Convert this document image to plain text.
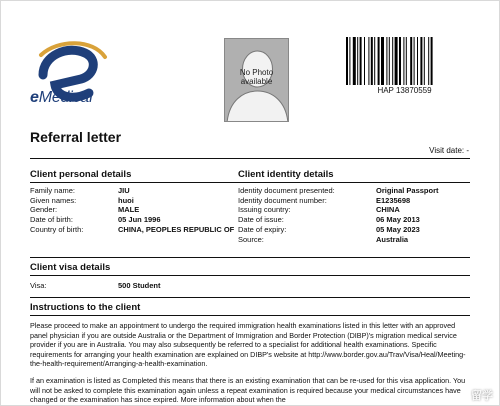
eMedical
No Photo
available
HAP 13870559
Referral letter
Visit date: -
Client personal details	Client identity details
Family name:	JIU
Given names:	huoi
Gender:	MALE
Date of birth:	05 Jun 1996
Country of birth:	CHINA, PEOPLES REPUBLIC OF
Identity document presented:	Original Passport
Identity document number:	E1235698
Issuing country:	CHINA
Date of issue:	06 May 2013
Date of expiry:	05 May 2023
Source:	Australia
Client visa details
Visa:	500 Student
Instructions to the client
Please proceed to make an appointment to undergo the required immigration health examinations listed in this letter with an approved panel physician if you are outside Australia or the Department of Immigration and Border Protection (DIBP)'s migration medical service provider if you are in Australia. You may also subsequently be referred to a specialist for additional health examinations. Specific requirements for arranging your health examination are explained on DIBP's website at http://www.border.gov.au/Trav/Visa/Heal/Meeting-the-health-requirement/Arranging-a-health-examination.
If an examination is listed as Completed this means that there is an existing examination that can be re-used for this visa application. You will not be asked to complete this examination again unless a repeat examination is required because your medical circumstances have changed or the examination has since expired. More information about when the	留学
